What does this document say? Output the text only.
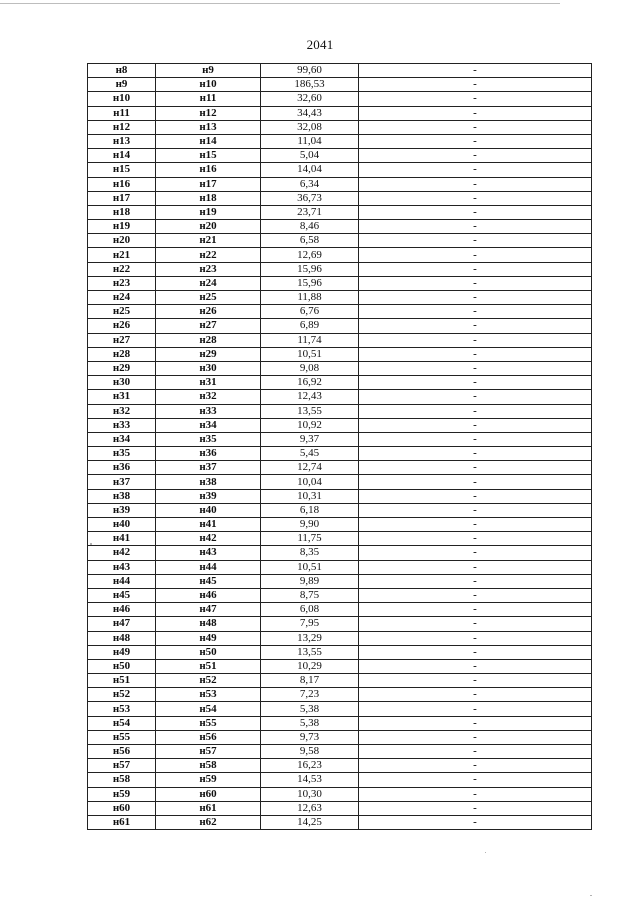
2041
н8	н9	99,60	-
н9	н10	186,53	-
н10	н11	32,60	-
н11	н12	34,43	-
н12	н13	32,08	-
н13	н14	11,04	-
н14	н15	5,04	-
н15	н16	14,04	-
н16	н17	6,34	-
н17	н18	36,73	-
н18	н19	23,71	-
н19	н20	8,46	-
н20	н21	6,58	-
н21	н22	12,69	-
н22	н23	15,96	-
н23	н24	15,96	-
н24	н25	11,88	-
н25	н26	6,76	-
н26	н27	6,89	-
н27	н28	11,74	-
н28	н29	10,51	-
н29	н30	9,08	-
н30	н31	16,92	-
н31	н32	12,43	-
н32	н33	13,55	-
н33	н34	10,92	-
н34	н35	9,37	-
н35	н36	5,45	-
н36	н37	12,74	-
н37	н38	10,04	-
н38	н39	10,31	-
н39	н40	6,18	-
н40	н41	9,90	-
н41	н42	11,75	-
н42	н43	8,35	-
н43	н44	10,51	-
н44	н45	9,89	-
н45	н46	8,75	-
н46	н47	6,08	-
н47	н48	7,95	-
н48	н49	13,29	-
н49	н50	13,55	-
н50	н51	10,29	-
н51	н52	8,17	-
н52	н53	7,23	-
н53	н54	5,38	-
н54	н55	5,38	-
н55	н56	9,73	-
н56	н57	9,58	-
н57	н58	16,23	-
н58	н59	14,53	-
н59	н60	10,30	-
н60	н61	12,63	-
н61	н62	14,25	-
